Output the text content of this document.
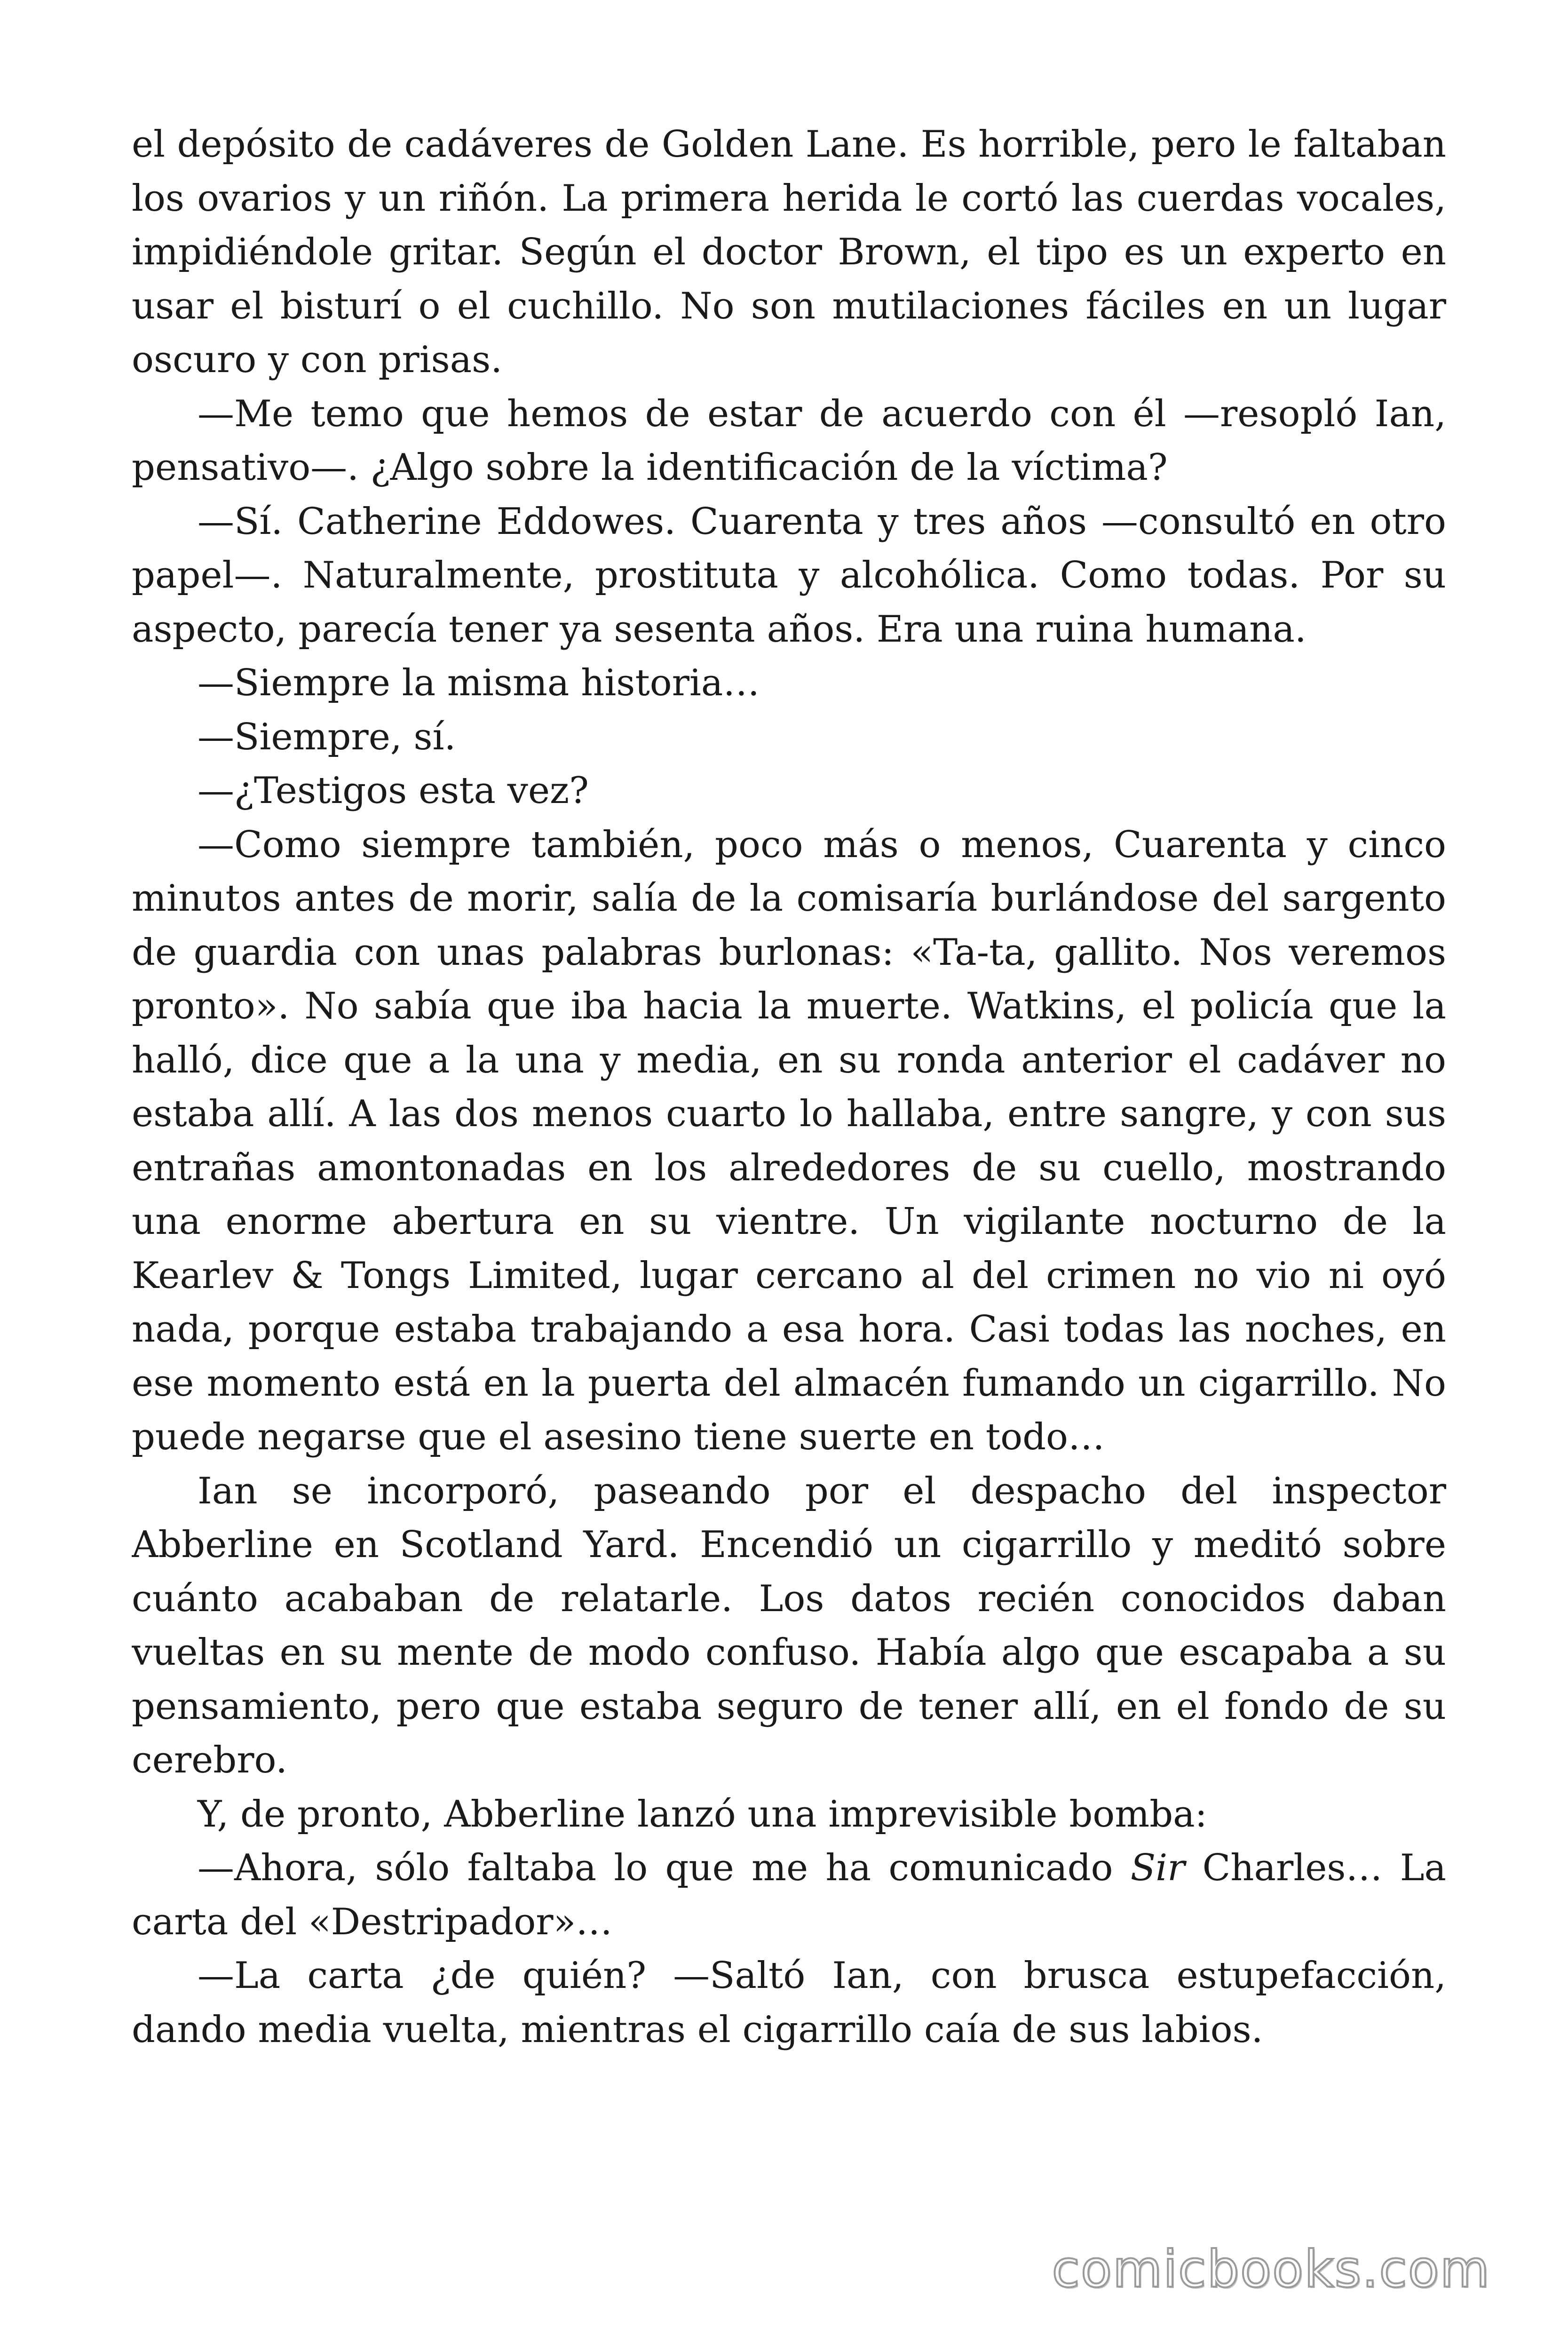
el depósito de cadáveres de Golden Lane. Es horrible, pero le faltaban los ovarios y un riñón. La primera herida le cortó las cuerdas vocales, impidiéndole gritar. Según el doctor Brown, el tipo es un experto en usar el bisturí o el cuchillo. No son mutilaciones fáciles en un lugar oscuro y con prisas.

—Me temo que hemos de estar de acuerdo con él —resopló Ian, pensativo—. ¿Algo sobre la identificación de la víctima?

—Sí. Catherine Eddowes. Cuarenta y tres años —consultó en otro papel—. Naturalmente, prostituta y alcohólica. Como todas. Por su aspecto, parecía tener ya sesenta años. Era una ruina humana.

—Siempre la misma historia…

—Siempre, sí.

—¿Testigos esta vez?

—Como siempre también, poco más o menos, Cuarenta y cinco minutos antes de morir, salía de la comisaría burlándose del sargento de guardia con unas palabras burlonas: «Ta-ta, gallito. Nos veremos pronto». No sabía que iba hacia la muerte. Watkins, el policía que la halló, dice que a la una y media, en su ronda anterior el cadáver no estaba allí. A las dos menos cuarto lo hallaba, entre sangre, y con sus entrañas amontonadas en los alrededores de su cuello, mostrando una enorme abertura en su vientre. Un vigilante nocturno de la Kearlev & Tongs Limited, lugar cercano al del crimen no vio ni oyó nada, porque estaba trabajando a esa hora. Casi todas las noches, en ese momento está en la puerta del almacén fumando un cigarrillo. No puede negarse que el asesino tiene suerte en todo…

Ian se incorporó, paseando por el despacho del inspector Abberline en Scotland Yard. Encendió un cigarrillo y meditó sobre cuánto acababan de relatarle. Los datos recién conocidos daban vueltas en su mente de modo confuso. Había algo que escapaba a su pensamiento, pero que estaba seguro de tener allí, en el fondo de su cerebro.

Y, de pronto, Abberline lanzó una imprevisible bomba:

—Ahora, sólo faltaba lo que me ha comunicado Sir Charles… La carta del «Destripador»…

—La carta ¿de quién? —Saltó Ian, con brusca estupefacción, dando media vuelta, mientras el cigarrillo caía de sus labios.

comicbooks.com
